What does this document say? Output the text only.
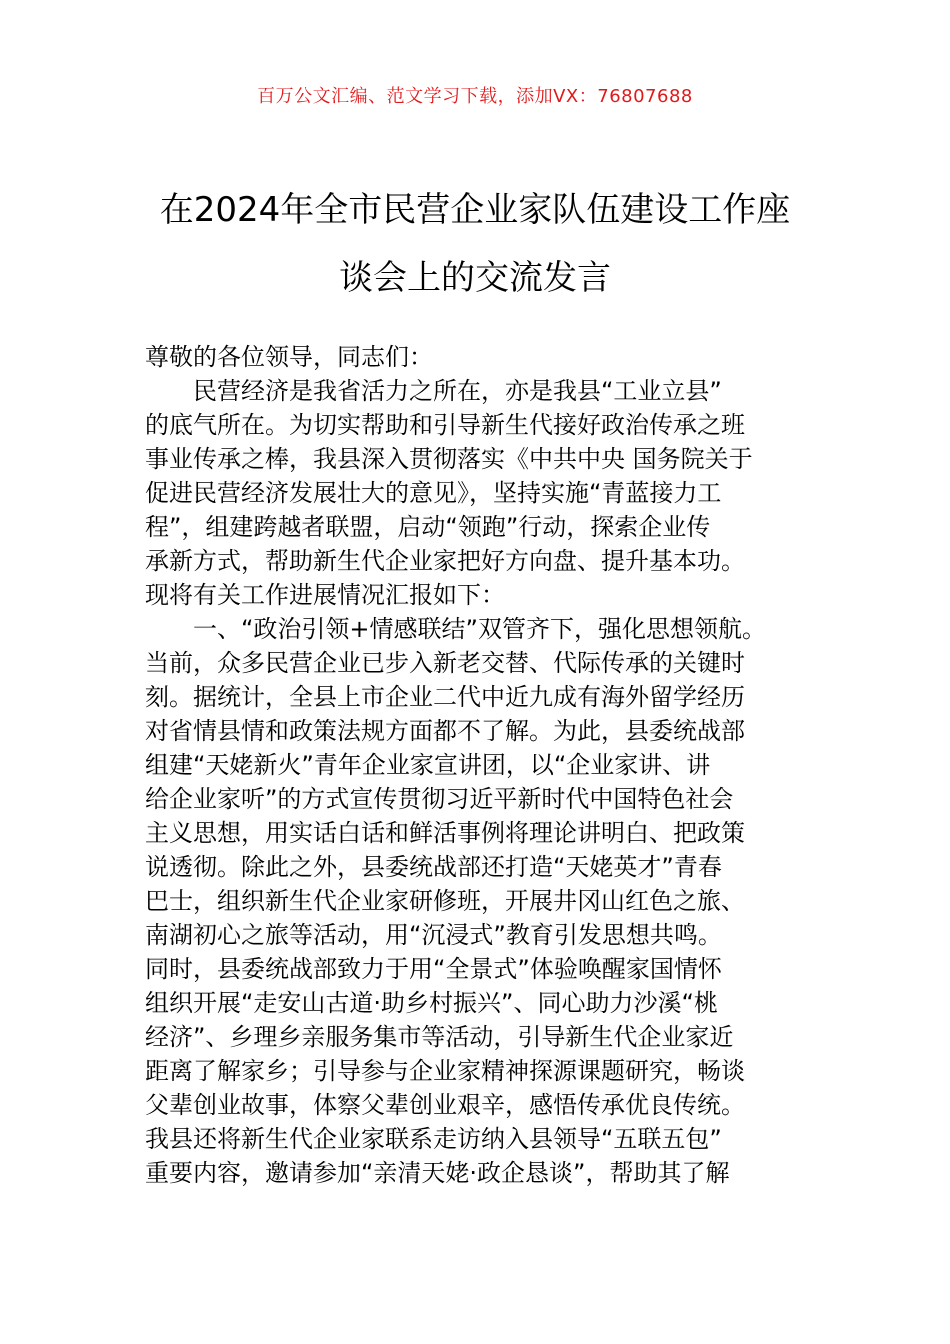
百万公文汇编、范文学习下载，添加VX：76807688
在2024年全市民营企业家队伍建设工作座
谈会上的交流发言
尊敬的各位领导，同志们：
民营经济是我省活力之所在，亦是我县“工业立县”
的底气所在。为切实帮助和引导新生代接好政治传承之班
事业传承之棒，我县深入贯彻落实《中共中央 国务院关于
促进民营经济发展壮大的意见》，坚持实施“青蓝接力工
程”，组建跨越者联盟，启动“领跑”行动，探索企业传
承新方式，帮助新生代企业家把好方向盘、提升基本功。
现将有关工作进展情况汇报如下：
一、“政治引领+情感联结”双管齐下，强化思想领航。
当前，众多民营企业已步入新老交替、代际传承的关键时
刻。据统计，全县上市企业二代中近九成有海外留学经历
对省情县情和政策法规方面都不了解。为此，县委统战部
组建“天姥新火”青年企业家宣讲团，以“企业家讲、讲
给企业家听”的方式宣传贯彻习近平新时代中国特色社会
主义思想，用实话白话和鲜活事例将理论讲明白、把政策
说透彻。除此之外，县委统战部还打造“天姥英才”青春
巴士，组织新生代企业家研修班，开展井冈山红色之旅、
南湖初心之旅等活动，用“沉浸式”教育引发思想共鸣。
同时，县委统战部致力于用“全景式”体验唤醒家国情怀
组织开展“走安山古道·助乡村振兴”、同心助力沙溪“桃
经济”、乡理乡亲服务集市等活动，引导新生代企业家近
距离了解家乡；引导参与企业家精神探源课题研究，畅谈
父辈创业故事，体察父辈创业艰辛，感悟传承优良传统。
我县还将新生代企业家联系走访纳入县领导“五联五包”
重要内容，邀请参加“亲清天姥·政企恳谈”，帮助其了解
